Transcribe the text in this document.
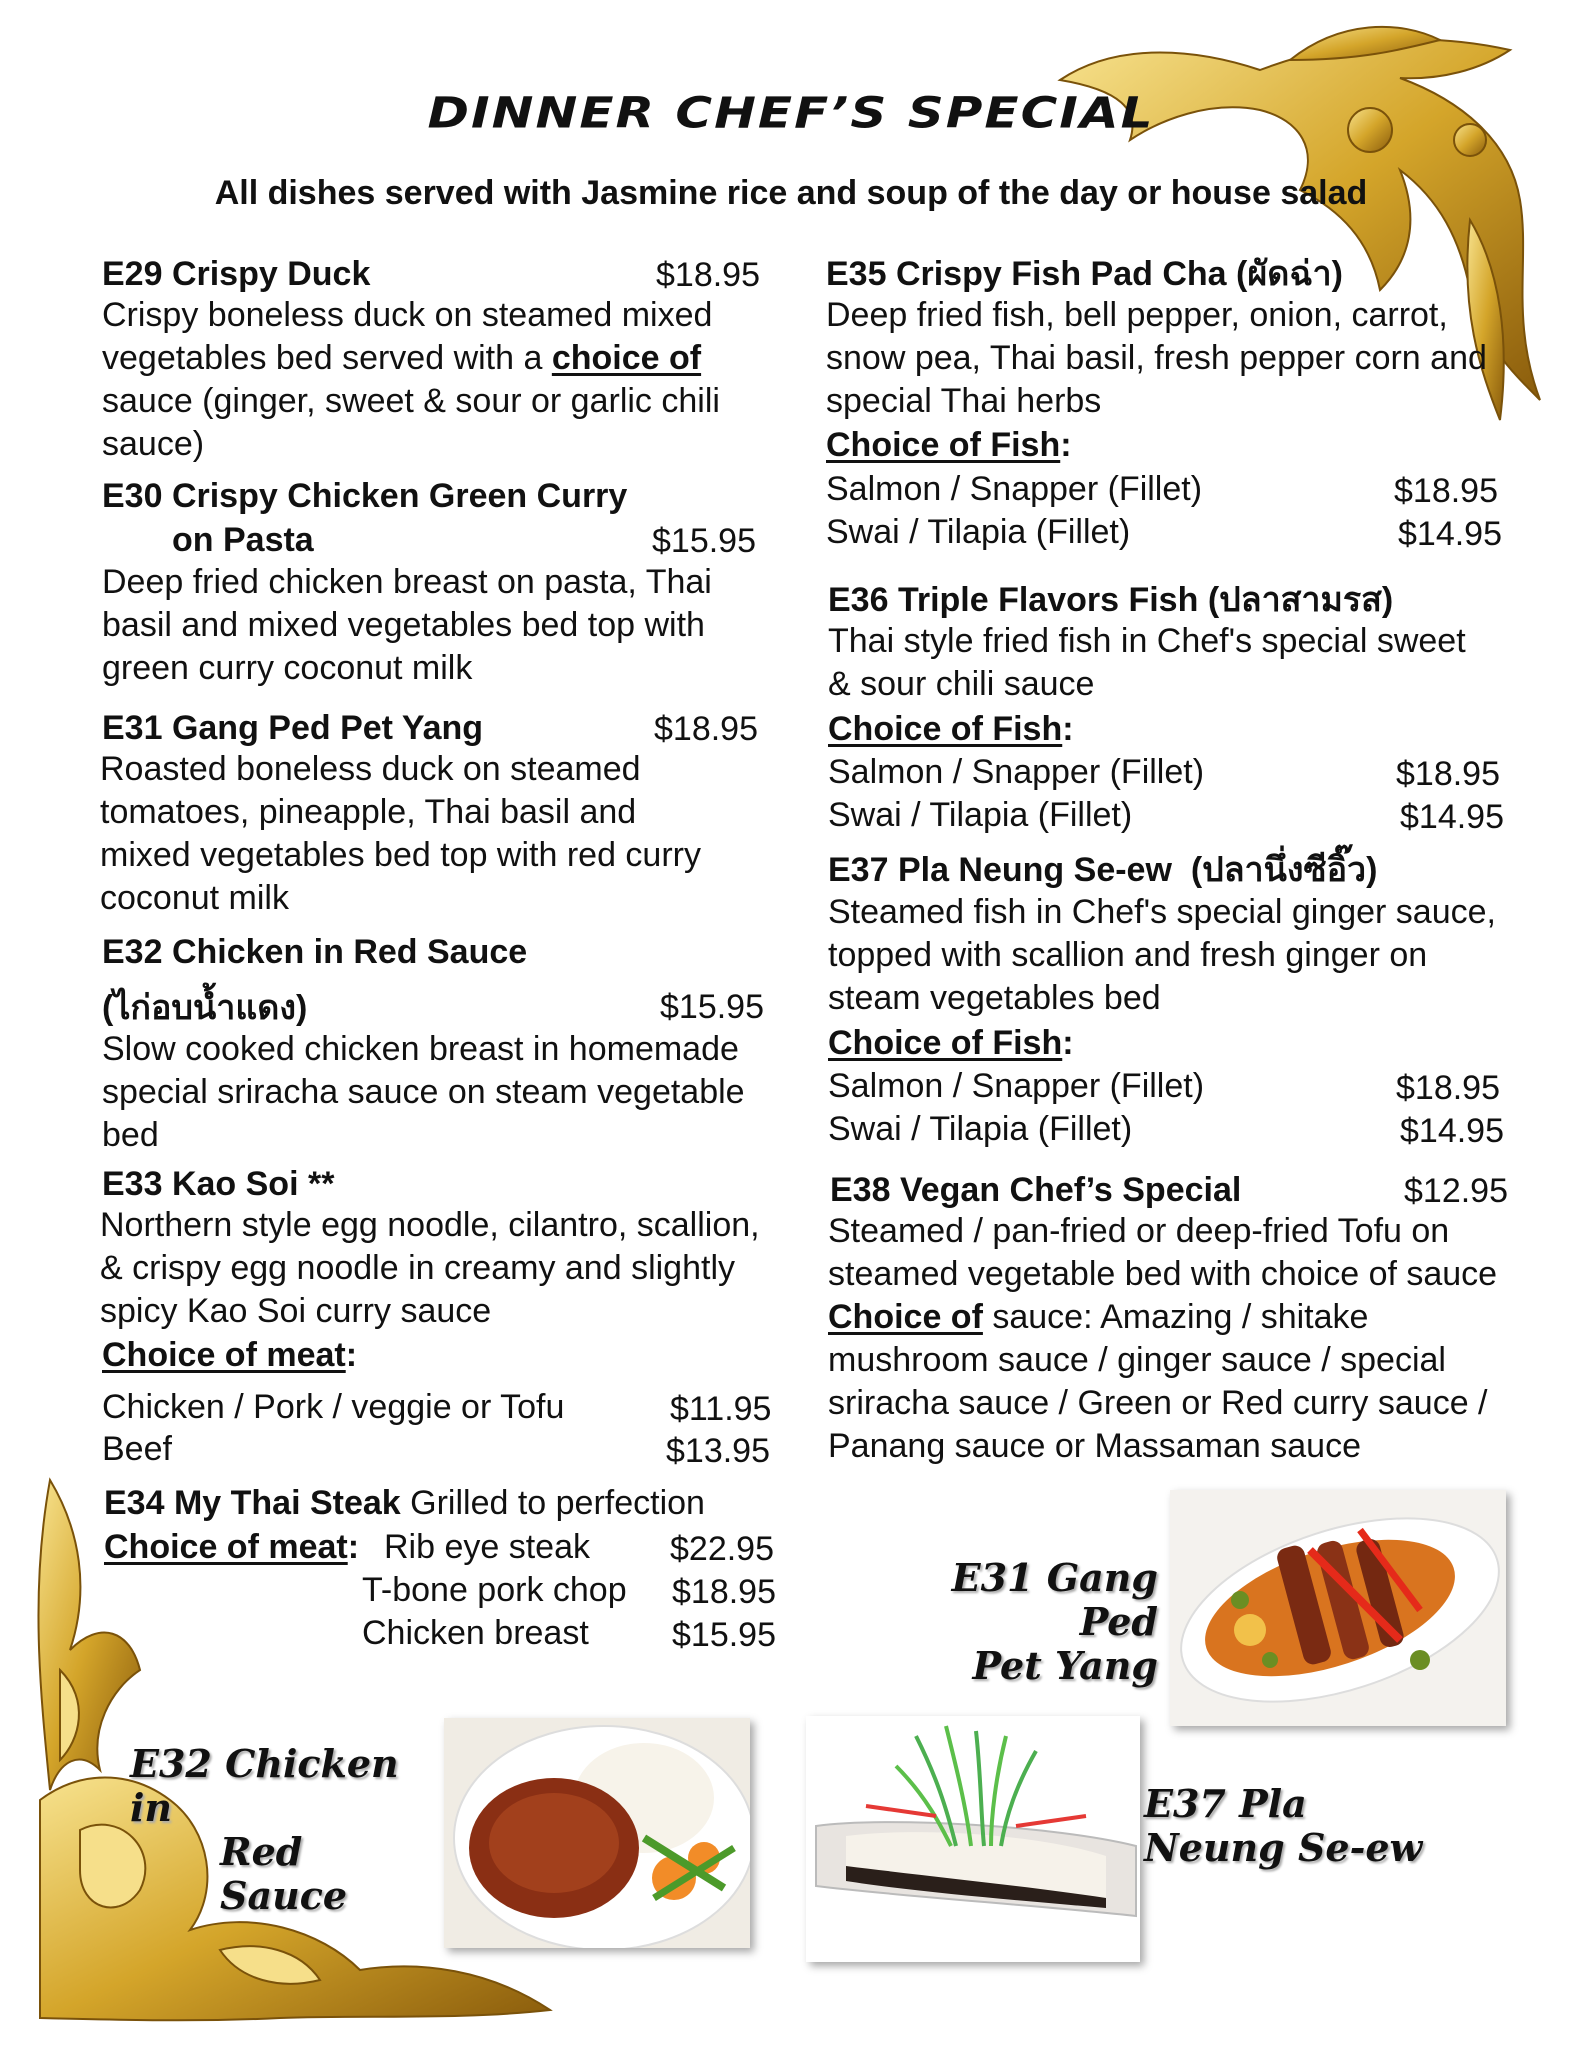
DINNER CHEF’S SPECIAL
All dishes served with Jasmine rice and soup of the day or house salad
E29 Crispy Duck	$18.95
Crispy boneless duck on steamed mixed
vegetables bed served with a choice of
sauce (ginger, sweet & sour or garlic chili
sauce)
E30 Crispy Chicken Green Curry
on Pasta	$15.95
Deep fried chicken breast on pasta, Thai
basil and mixed vegetables bed top with
green curry coconut milk
E31 Gang Ped Pet Yang	$18.95
Roasted boneless duck on steamed
tomatoes, pineapple, Thai basil and
mixed vegetables bed top with red curry
coconut milk
E32 Chicken in Red Sauce
(ไก่อบน้ำแดง)	$15.95
Slow cooked chicken breast in homemade
special sriracha sauce on steam vegetable
bed
E33 Kao Soi **
Northern style egg noodle, cilantro, scallion,
& crispy egg noodle in creamy and slightly
spicy Kao Soi curry sauce
Choice of meat:
Chicken / Pork / veggie or Tofu	$11.95
Beef	$13.95
E34 My Thai Steak Grilled to perfection
Choice of meat: Rib eye steak $22.95
T-bone pork chop $18.95
Chicken breast $15.95
E35 Crispy Fish Pad Cha (ผัดฉ่า)
Deep fried fish, bell pepper, onion, carrot,
snow pea, Thai basil, fresh pepper corn and
special Thai herbs
Choice of Fish:
Salmon / Snapper (Fillet)	$18.95
Swai / Tilapia (Fillet)	$14.95
E36 Triple Flavors Fish (ปลาสามรส)
Thai style fried fish in Chef's special sweet
& sour chili sauce
Choice of Fish:
Salmon / Snapper (Fillet)	$18.95
Swai / Tilapia (Fillet)	$14.95
E37 Pla Neung Se-ew (ปลานึ่งซีอิ๊ว)
Steamed fish in Chef's special ginger sauce,
topped with scallion and fresh ginger on
steam vegetables bed
Choice of Fish:
Salmon / Snapper (Fillet)	$18.95
Swai / Tilapia (Fillet)	$14.95
E38 Vegan Chef’s Special	$12.95
Steamed / pan-fried or deep-fried Tofu on
steamed vegetable bed with choice of sauce
Choice of sauce: Amazing / shitake
mushroom sauce / ginger sauce / special
sriracha sauce / Green or Red curry sauce /
Panang sauce or Massaman sauce
E31 Gang Ped
Pet Yang
E32 Chicken in
Red Sauce
E37 Pla
Neung Se-ew
